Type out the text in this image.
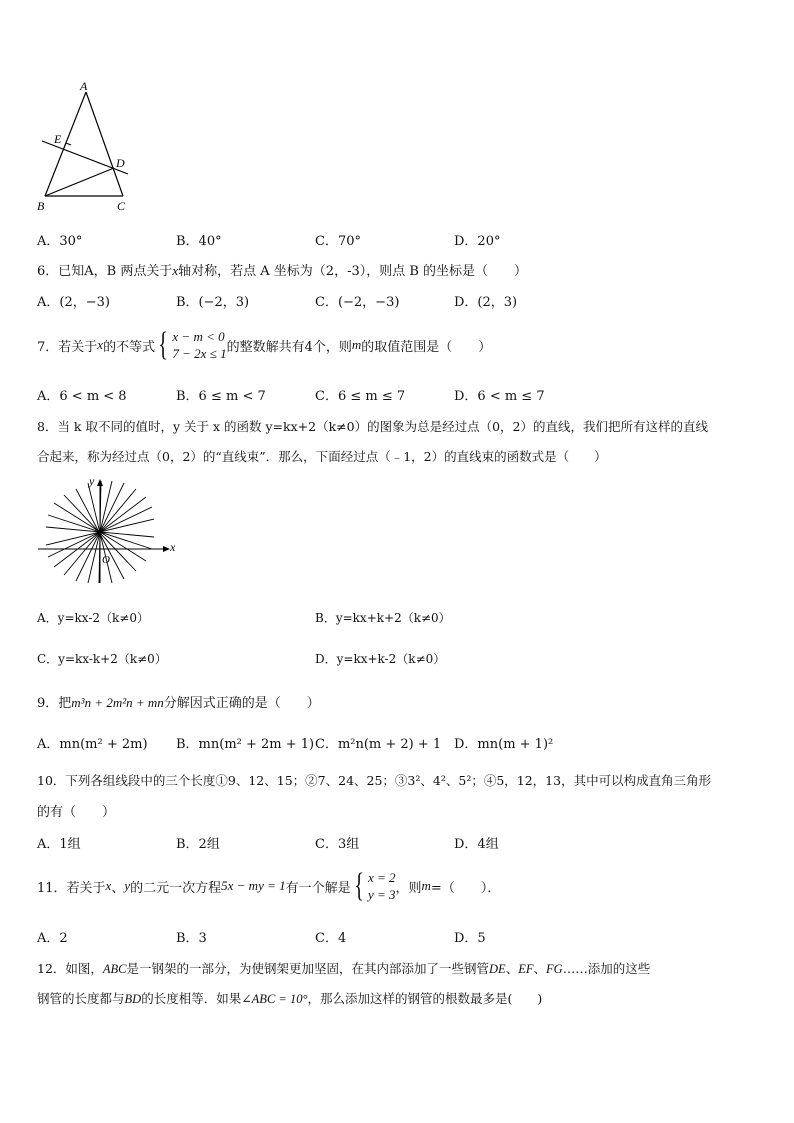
A
E
D
B	C
A．30°	B．40°	C．70°	D．20°
6．已知A，B 两点关于x轴对称，若点 A 坐标为（2，-3），则点 B 的坐标是（　　）
A．(2，−3)	B．(−2，3)	C．(−2，−3)	D．(2，3)
7．若关于 x 的不等式 { x − m < 0
7 − 2x ≤ 1 的整数解共有4个，则 m 的取值范围是（　　）
A．6 < m < 8	B．6 ≤ m < 7	C．6 ≤ m ≤ 7	D．6 < m ≤ 7
8．当 k 取不同的值时，y 关于 x 的函数 y=kx+2（k≠0）的图象为总是经过点（0，2）的直线，我们把所有这样的直线
合起来，称为经过点（0，2）的“直线束”．那么，下面经过点（﹣1，2）的直线束的函数式是（　　）
x
y
O
A．y=kx-2（k≠0）	B．y=kx+k+2（k≠0）
C．y=kx-k+2（k≠0）	D．y=kx+k-2（k≠0）
9．把m³n + 2m²n + mn分解因式正确的是（　　）
A．mn(m² + 2m) B．mn(m² + 2m + 1) C．m²n(m + 2) + 1 D．mn(m + 1)²
10．下列各组线段中的三个长度①9、12、15；②7、24、25；③3²、4²、5²；④5，12，13，其中可以构成直角三角形
的有（　　）
A．1组	B．2组	C．3组	D．4组
11．若关于 x 、 y 的二元一次方程 5x − my = 1 有一个解是 { x = 2
y = 3 ，则 m =（　　）．
A．2	B．3	C．4	D．5
12．如图，ABC是一钢架的一部分，为使钢架更加坚固，在其内部添加了一些钢管DE、EF、FG……添加的这些
钢管的长度都与BD的长度相等．如果∠ABC = 10°，那么添加这样的钢管的根数最多是(　　)
